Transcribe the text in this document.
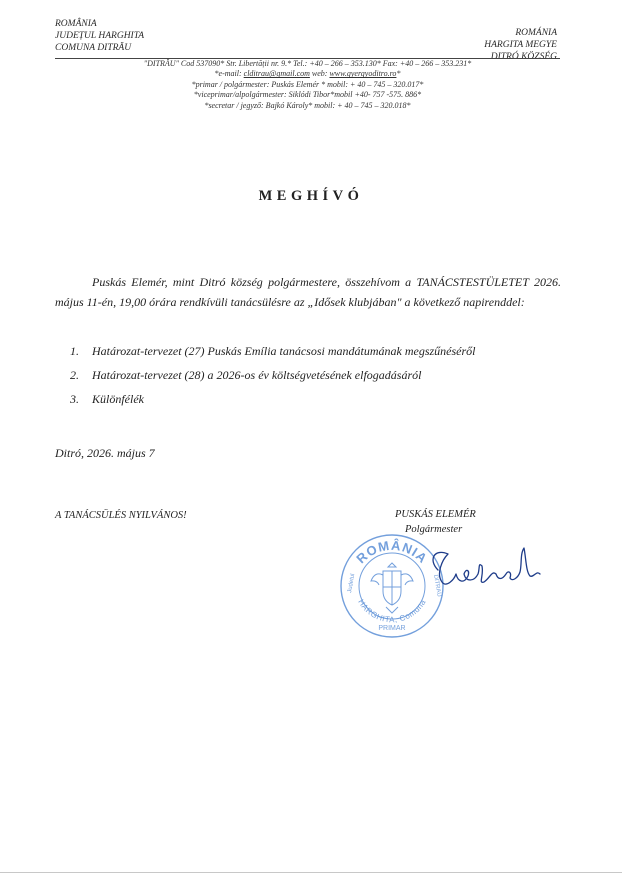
ROMÂNIA
JUDEȚUL HARGHITA
COMUNA DITRĂU
ROMÁNIA
HARGITA MEGYE
DITRÓ KÖZSÉG
"DITRĂU" Cod 537090* Str. Libertății nr. 9.* Tel.: +40 – 266 – 353.130* Fax: +40 – 266 – 353.231*
*e-mail: clditrau@gmail.com web: www.gyergyoditro.ro*
*primar / polgármester: Puskás Elemér * mobil: + 40 – 745 – 320.017*
*viceprimar/alpolgármester: Siklódi Tibor*mobil +40- 757 -575. 886*
*secretar / jegyző: Bajkó Károly* mobil: + 40 – 745 – 320.018*
MEGHÍVÓ
Puskás Elemér, mint Ditró község polgármestere, összehívom a TANÁCSTESTÜLETET 2026. május 11-én, 19,00 órára rendkívüli tanácsülésre az „Idősek klubjában" a következő napirenddel:
1. Határozat-tervezet (27) Puskás Emília tanácsosi mandátumának megszűnéséről
2. Határozat-tervezet (28) a 2026-os év költségvetésének elfogadásáról
3. Különfélék
Ditró, 2026. május 7
A TANÁCSÜLÉS NYILVÁNOS!	PUSKÁS ELEMÉR
Polgármester
ROMÂNIA
HARGHITA, Comuna
Judetul	DITRAU
PRIMAR
